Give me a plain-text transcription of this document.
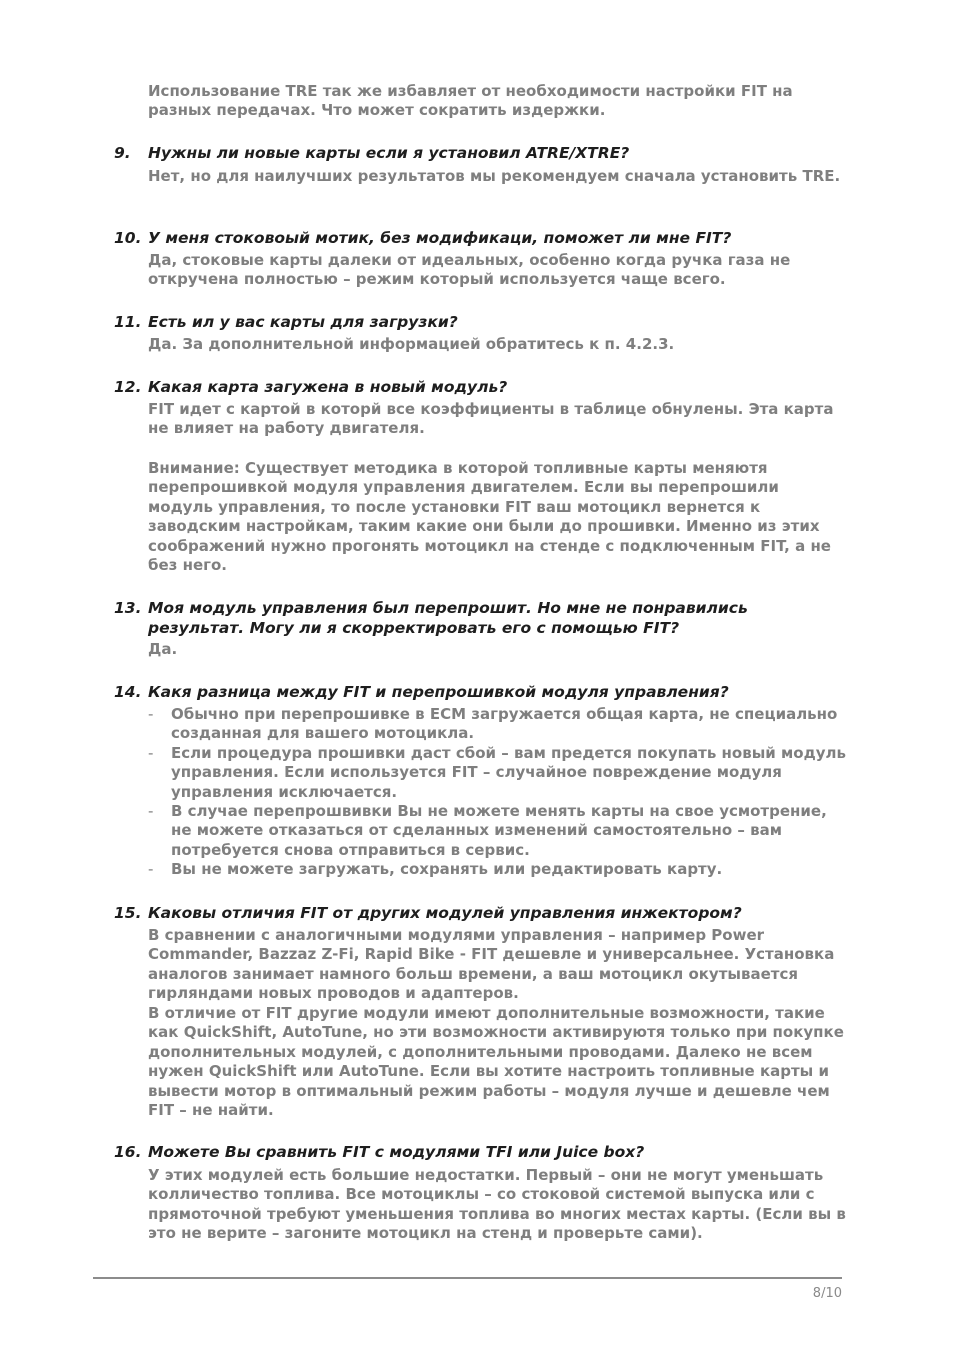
Использование TRE так же избавляет от необходимости настройки FIT на разных передачах. Что может сократить издержки.
9. Нужны ли новые карты если я установил ATRE/XTRE?
Нет, но для наилучших результатов мы рекомендуем сначала установить TRE.
10. У меня стоковоый мотик, без модификаци, поможет ли мне FIT?
Да, стоковые карты далеки от идеальных, особенно когда ручка газа не откручена полностью – режим который используется чаще всего.
11. Есть ил у вас карты для загрузки?
Да. За дополнительной информацией обратитесь к п. 4.2.3.
12. Какая карта загужена в новый модуль?
FIT идет с картой в которй все коэффициенты в таблице обнулены. Эта карта не влияет на работу двигателя.
Внимание: Существует методика в которой топливные карты меняютя перепрошивкой модуля управления двигателем. Если вы перепрошили модуль управления, то после установки FIT ваш мотоцикл вернется к заводским настройкам, таким какие они были до прошивки. Именно из этих соображений нужно прогонять мотоцикл на стенде с подключенным FIT, а не без него.
13. Моя модуль управления был перепрошит. Но мне не понравились
результат. Могу ли я скорректировать его с помощью FIT?
Да.
14. Какя разница между FIT и перепрошивкой модуля управления?
- Обычно при перепрошивке в ECM загружается общая карта, не специально созданная для вашего мотоцикла.
- Если процедура прошивки даст сбой – вам предется покупать новый модуль управления. Если используется FIT – случайное повреждение модуля управления исключается.
- В случае перепрошвивки Вы не можете менять карты на свое усмотрение, не можете отказаться от сделанных изменений самостоятельно – вам потребуется снова отправиться в сервис.
- Вы не можете загружать, сохранять или редактировать карту.
15. Каковы отличия FIT от других модулей управления инжектором?
В сравнении с аналогичными модулями управления – например Power Commander, Bazzaz Z-Fi, Rapid Bike - FIT дешевле и универсальнее. Установка аналогов занимает намного больш времени, а ваш мотоцикл окутывается гирляндами новых проводов и адаптеров.
В отличие от FIT другие модули имеют дополнительные возможности, такие как QuickShift, AutoTune, но эти возможности активируютя только при покупке дополнительных модулей, с дополнительными проводами. Далеко не всем нужен QuickShift или AutoTune. Если вы хотите настроить топливные карты и вывести мотор в оптимальный режим работы – модуля лучше и дешевле чем FIT – не найти.
16. Можете Вы сравнить FIT с модулями TFI или Juice box?
У этих модулей есть большие недостатки. Первый – они не могут уменьшать колличество топлива. Все мотоциклы – со стоковой системой выпуска или с прямоточной требуют уменьшения топлива во многих местах карты. (Если вы в это не верите – загоните мотоцикл на стенд и проверьте сами).
8/10
